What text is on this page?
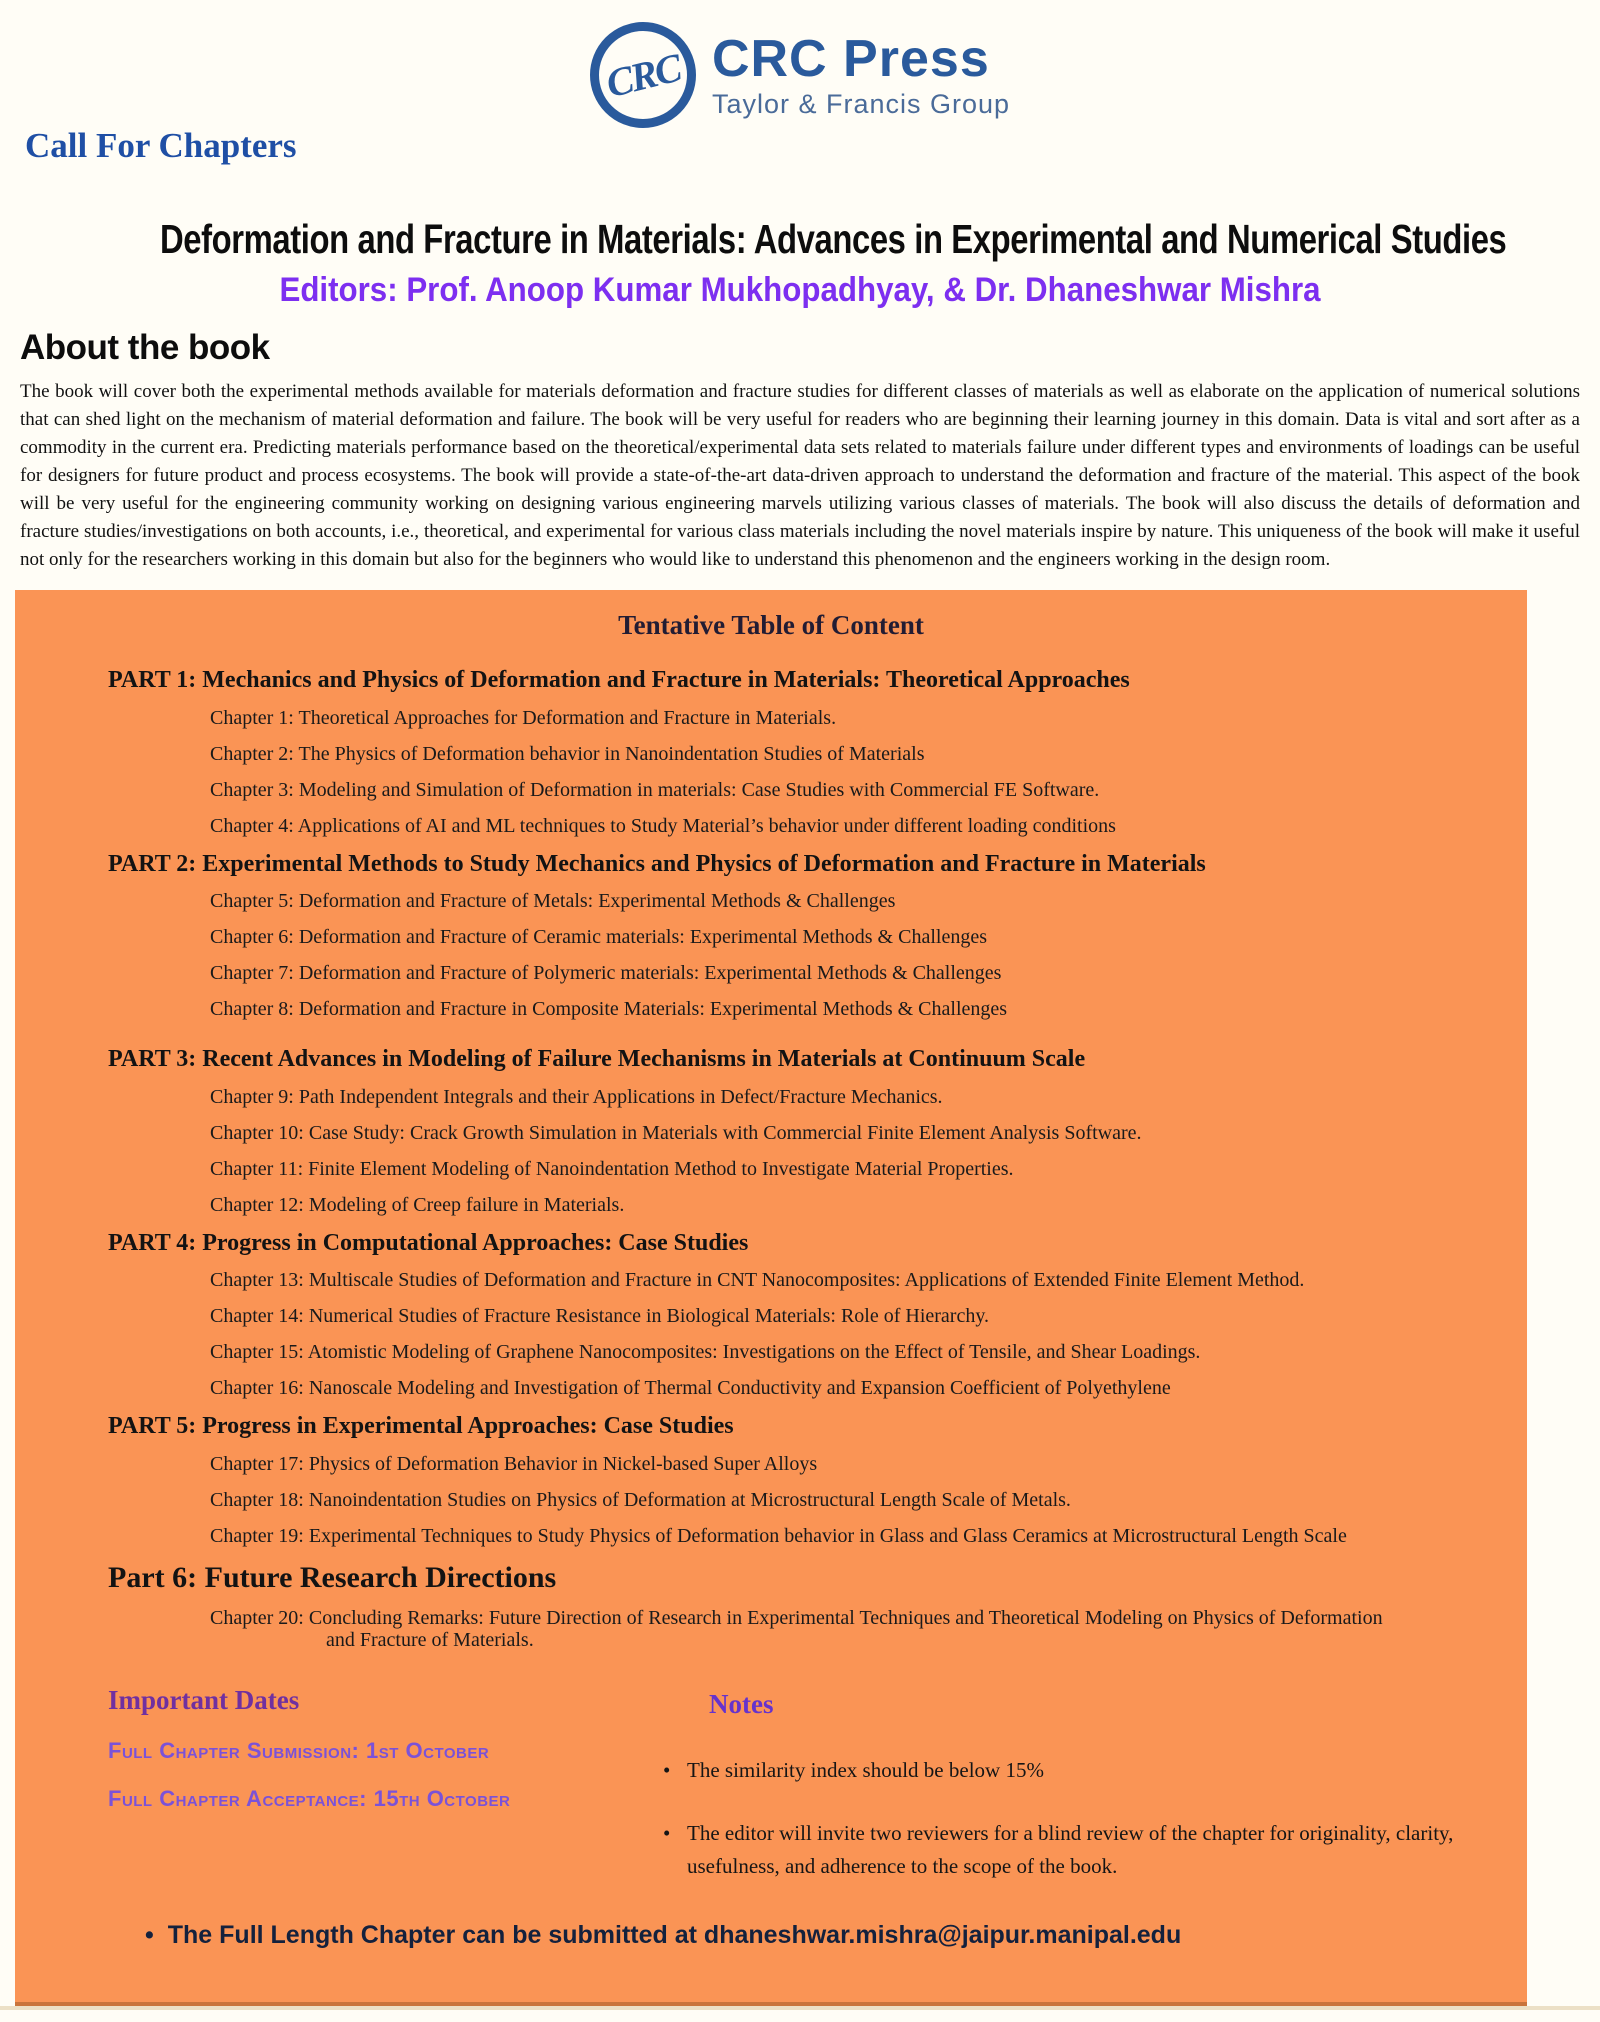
CRC CRC Press
Taylor & Francis Group
Call For Chapters
Deformation and Fracture in Materials: Advances in Experimental and Numerical Studies
Editors: Prof. Anoop Kumar Mukhopadhyay, & Dr. Dhaneshwar Mishra
About the book
The book will cover both the experimental methods available for materials deformation and fracture studies for different classes of materials as well as elaborate on the application of numerical solutions that can shed light on the mechanism of material deformation and failure. The book will be very useful for readers who are beginning their learning journey in this domain. Data is vital and sort after as a commodity in the current era. Predicting materials performance based on the theoretical/experimental data sets related to materials failure under different types and environments of loadings can be useful for designers for future product and process ecosystems. The book will provide a state-of-the-art data-driven approach to understand the deformation and fracture of the material. This aspect of the book will be very useful for the engineering community working on designing various engineering marvels utilizing various classes of materials. The book will also discuss the details of deformation and fracture studies/investigations on both accounts, i.e., theoretical, and experimental for various class materials including the novel materials inspire by nature. This uniqueness of the book will make it useful not only for the researchers working in this domain but also for the beginners who would like to understand this phenomenon and the engineers working in the design room.
Tentative Table of Content
PART 1: Mechanics and Physics of Deformation and Fracture in Materials: Theoretical Approaches
Chapter 1: Theoretical Approaches for Deformation and Fracture in Materials.
Chapter 2: The Physics of Deformation behavior in Nanoindentation Studies of Materials
Chapter 3: Modeling and Simulation of Deformation in materials: Case Studies with Commercial FE Software.
Chapter 4: Applications of AI and ML techniques to Study Material’s behavior under different loading conditions
PART 2: Experimental Methods to Study Mechanics and Physics of Deformation and Fracture in Materials
Chapter 5: Deformation and Fracture of Metals: Experimental Methods & Challenges
Chapter 6: Deformation and Fracture of Ceramic materials: Experimental Methods & Challenges
Chapter 7: Deformation and Fracture of Polymeric materials: Experimental Methods & Challenges
Chapter 8: Deformation and Fracture in Composite Materials: Experimental Methods & Challenges
PART 3: Recent Advances in Modeling of Failure Mechanisms in Materials at Continuum Scale
Chapter 9: Path Independent Integrals and their Applications in Defect/Fracture Mechanics.
Chapter 10: Case Study: Crack Growth Simulation in Materials with Commercial Finite Element Analysis Software.
Chapter 11: Finite Element Modeling of Nanoindentation Method to Investigate Material Properties.
Chapter 12: Modeling of Creep failure in Materials.
PART 4: Progress in Computational Approaches: Case Studies
Chapter 13: Multiscale Studies of Deformation and Fracture in CNT Nanocomposites: Applications of Extended Finite Element Method.
Chapter 14: Numerical Studies of Fracture Resistance in Biological Materials: Role of Hierarchy.
Chapter 15: Atomistic Modeling of Graphene Nanocomposites: Investigations on the Effect of Tensile, and Shear Loadings.
Chapter 16: Nanoscale Modeling and Investigation of Thermal Conductivity and Expansion Coefficient of Polyethylene
PART 5: Progress in Experimental Approaches: Case Studies
Chapter 17: Physics of Deformation Behavior in Nickel-based Super Alloys
Chapter 18: Nanoindentation Studies on Physics of Deformation at Microstructural Length Scale of Metals.
Chapter 19: Experimental Techniques to Study Physics of Deformation behavior in Glass and Glass Ceramics at Microstructural Length Scale
Part 6: Future Research Directions
Chapter 20: Concluding Remarks: Future Direction of Research in Experimental Techniques and Theoretical Modeling on Physics of Deformation and Fracture of Materials.
Important Dates
Full Chapter Submission: 1st October
Full Chapter Acceptance: 15th October
Notes
• The similarity index should be below 15%
• The editor will invite two reviewers for a blind review of the chapter for originality, clarity, usefulness, and adherence to the scope of the book.
• The Full Length Chapter can be submitted at dhaneshwar.mishra@jaipur.manipal.edu
